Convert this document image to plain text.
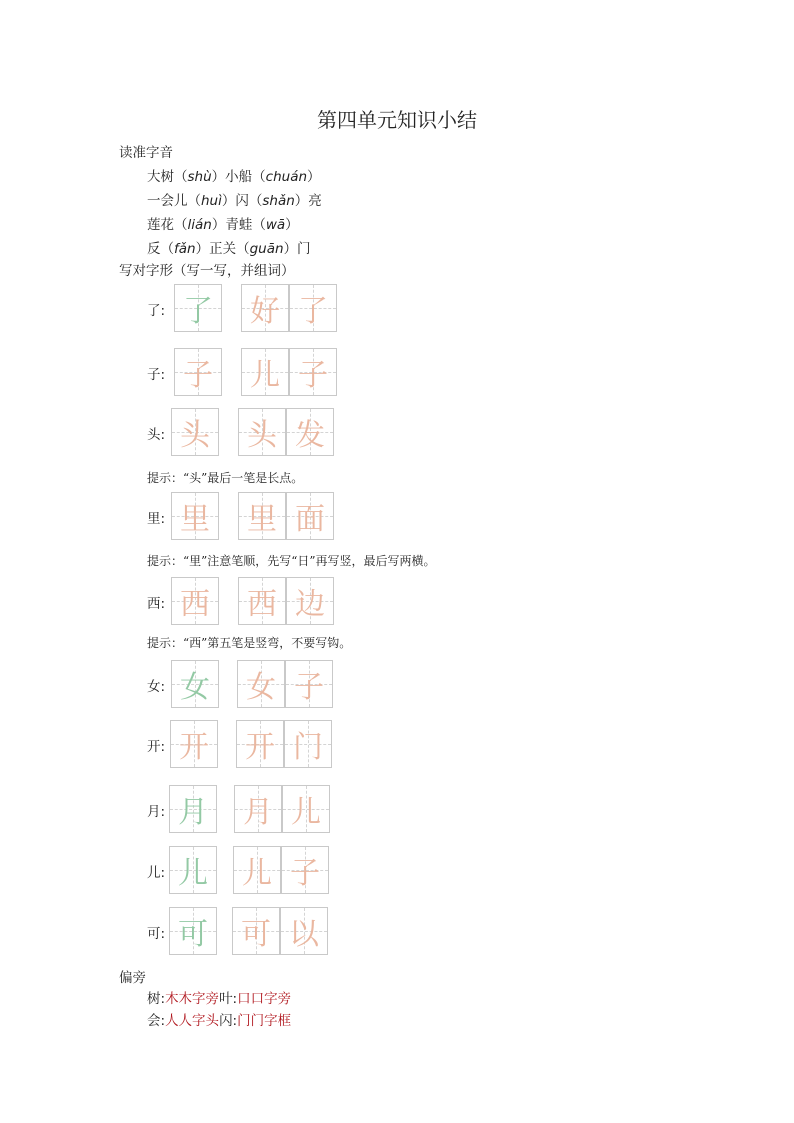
第四单元知识小结
读准字音
大树（shù）小船（chuán）
一会儿（huì）闪（shǎn）亮
莲花（lián）青蛙（wā）
反（fǎn）正关（guān）门
写对字形（写一写，并组词）
了: 了 好 了
子: 子 儿 子
头: 头 头 发
提示：“头”最后一笔是长点。
里: 里 里 面
提示：“里”注意笔顺，先写“日”再写竖，最后写两横。
西: 西 西 边
提示：“西”第五笔是竖弯，不要写钩。
女: 女 女 子
开: 开 开 门
月: 月 月 儿
儿: 儿 儿 子
可: 可 可 以
偏旁
树:木木字旁叶:口口字旁
会:人人字头闪:门门字框
